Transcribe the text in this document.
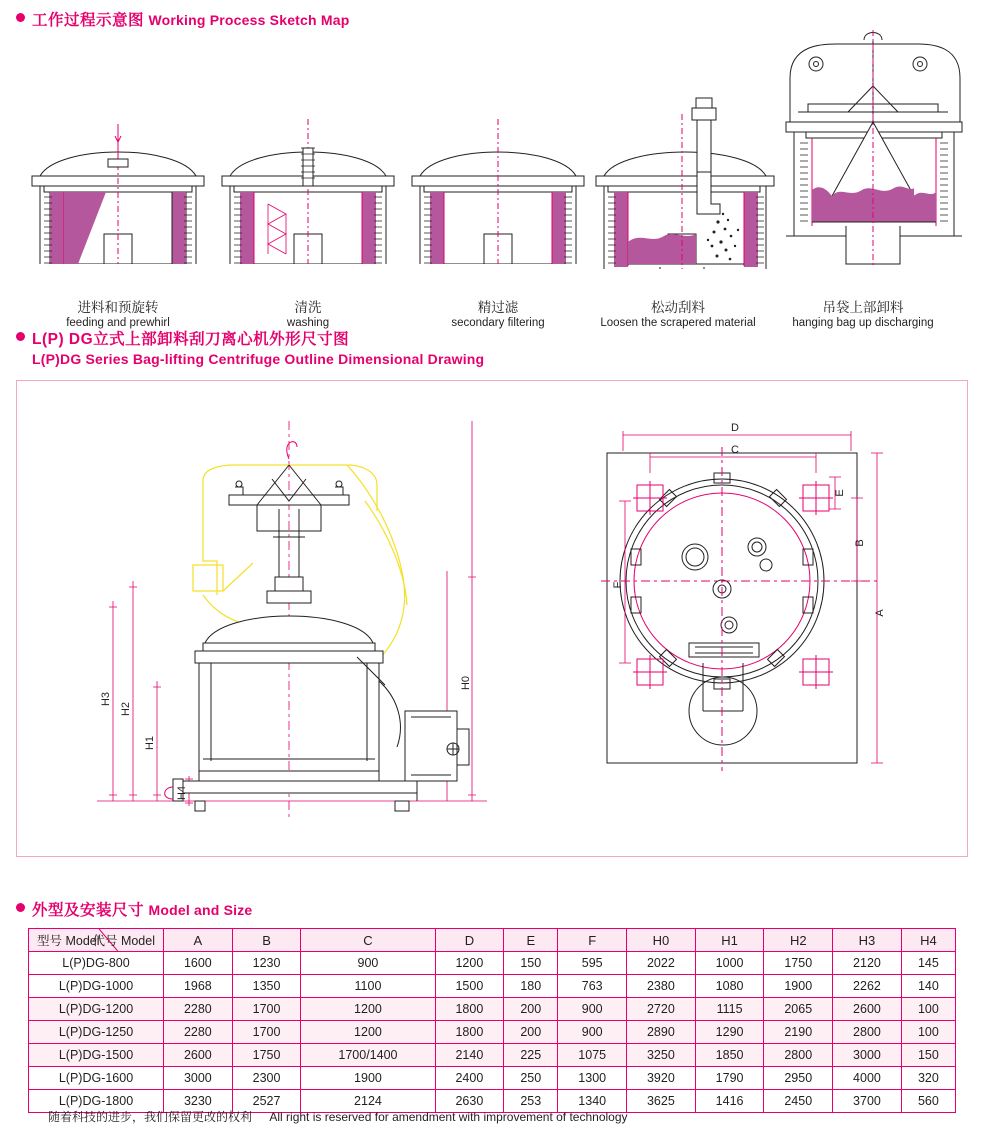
工作过程示意图 Working Process Sketch Map
进料和预旋转
feeding and prewhirl
清洗
washing
精过滤
secondary filtering
松动刮料
Loosen the scrapered material
吊袋上部卸料
hanging bag up discharging
L(P) DG立式上部卸料刮刀离心机外形尺寸图
L(P)DG Series Bag-lifting Centrifuge Outline Dimensional Drawing
H3
H2
H1
H4
H0
D
C
A
B
E
F
外型及安装尺寸 Model and Size
型号 Model
代号 Model	A	B	C	D	E	F	H0	H1	H2	H3	H4
L(P)DG-800	1600	1230	900	1200	150	595	2022	1000	1750	2120	145
L(P)DG-1000	1968	1350	1100	1500	180	763	2380	1080	1900	2262	140
L(P)DG-1200	2280	1700	1200	1800	200	900	2720	1115	2065	2600	100
L(P)DG-1250	2280	1700	1200	1800	200	900	2890	1290	2190	2800	100
L(P)DG-1500	2600	1750	1700/1400	2140	225	1075	3250	1850	2800	3000	150
L(P)DG-1600	3000	2300	1900	2400	250	1300	3920	1790	2950	4000	320
L(P)DG-1800	3230	2527	2124	2630	253	1340	3625	1416	2450	3700	560
随着科技的进步，我们保留更改的权利 All right is reserved for amendment with improvement of technology
